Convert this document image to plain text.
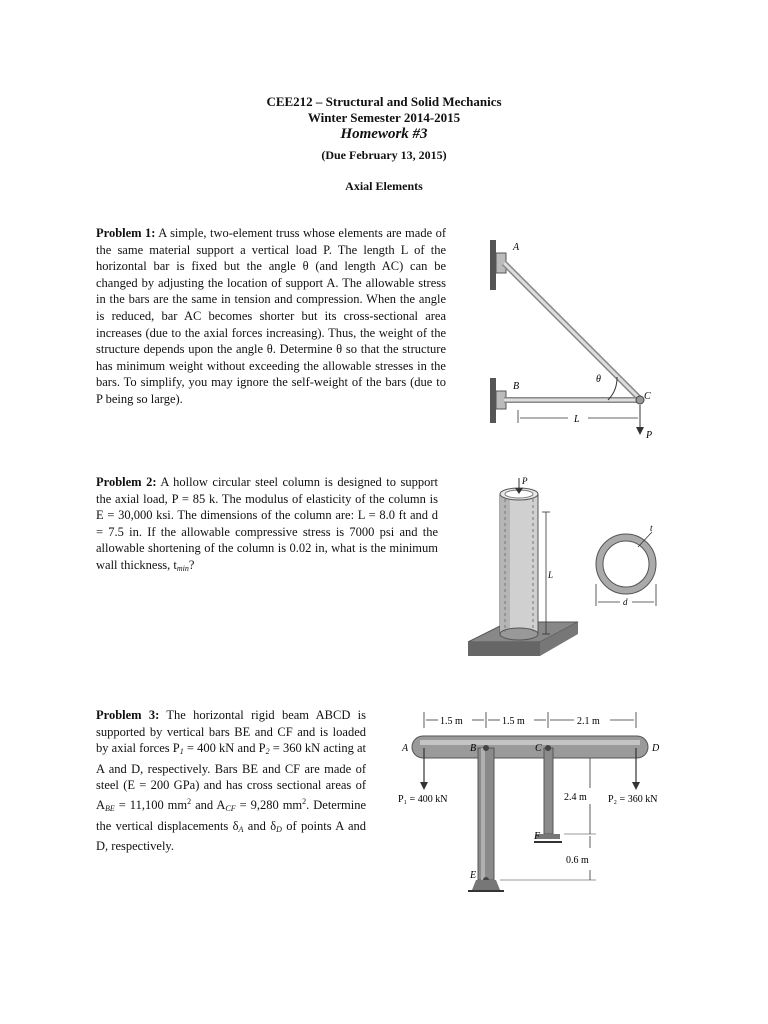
CEE212 – Structural and Solid Mechanics
Winter Semester 2014-2015
Homework #3
(Due February 13, 2015)
Axial Elements
Problem 1: A simple, two-element truss whose elements are made of the same material support a vertical load P. The length L of the horizontal bar is fixed but the angle θ (and length AC) can be changed by adjusting the location of support A. The allowable stress in the bars are the same in tension and compression. When the angle is reduced, bar AC becomes shorter but its cross-sectional area increases (due to the axial forces increasing). Thus, the weight of the structure depends upon the angle θ. Determine θ so that the structure has minimum weight without exceeding the allowable stresses in the bars. To simplify, you may ignore the self-weight of the bars (due to P being so large).
A
B
C
θ
L
P
Problem 2: A hollow circular steel column is designed to support the axial load, P = 85 k. The modulus of elasticity of the column is E = 30,000 ksi. The dimensions of the column are: L = 8.0 ft and d = 7.5 in. If the allowable compressive stress is 7000 psi and the allowable shortening of the column is 0.02 in, what is the minimum wall thickness, $t_{min}$?
P
L
t
d
Problem 3: The horizontal rigid beam ABCD is supported by vertical bars BE and CF and is loaded by axial forces $P_1 = 400$ kN and $P_2 = 360$ kN acting at A and D, respectively. Bars BE and CF are made of steel (E = 200 GPa) and has cross sectional areas of $A_{BE} = 11,100$ $mm^2$ and $A_{CF} = 9,280$ $mm^2$. Determine the vertical displacements $\delta_A$ and $\delta_D$ of points A and D, respectively.
1.5 m	1.5 m	2.1 m
P₁ = 400 kN	P₂ = 360 kN
A	B	C	D
E
F
2.4 m
0.6 m
